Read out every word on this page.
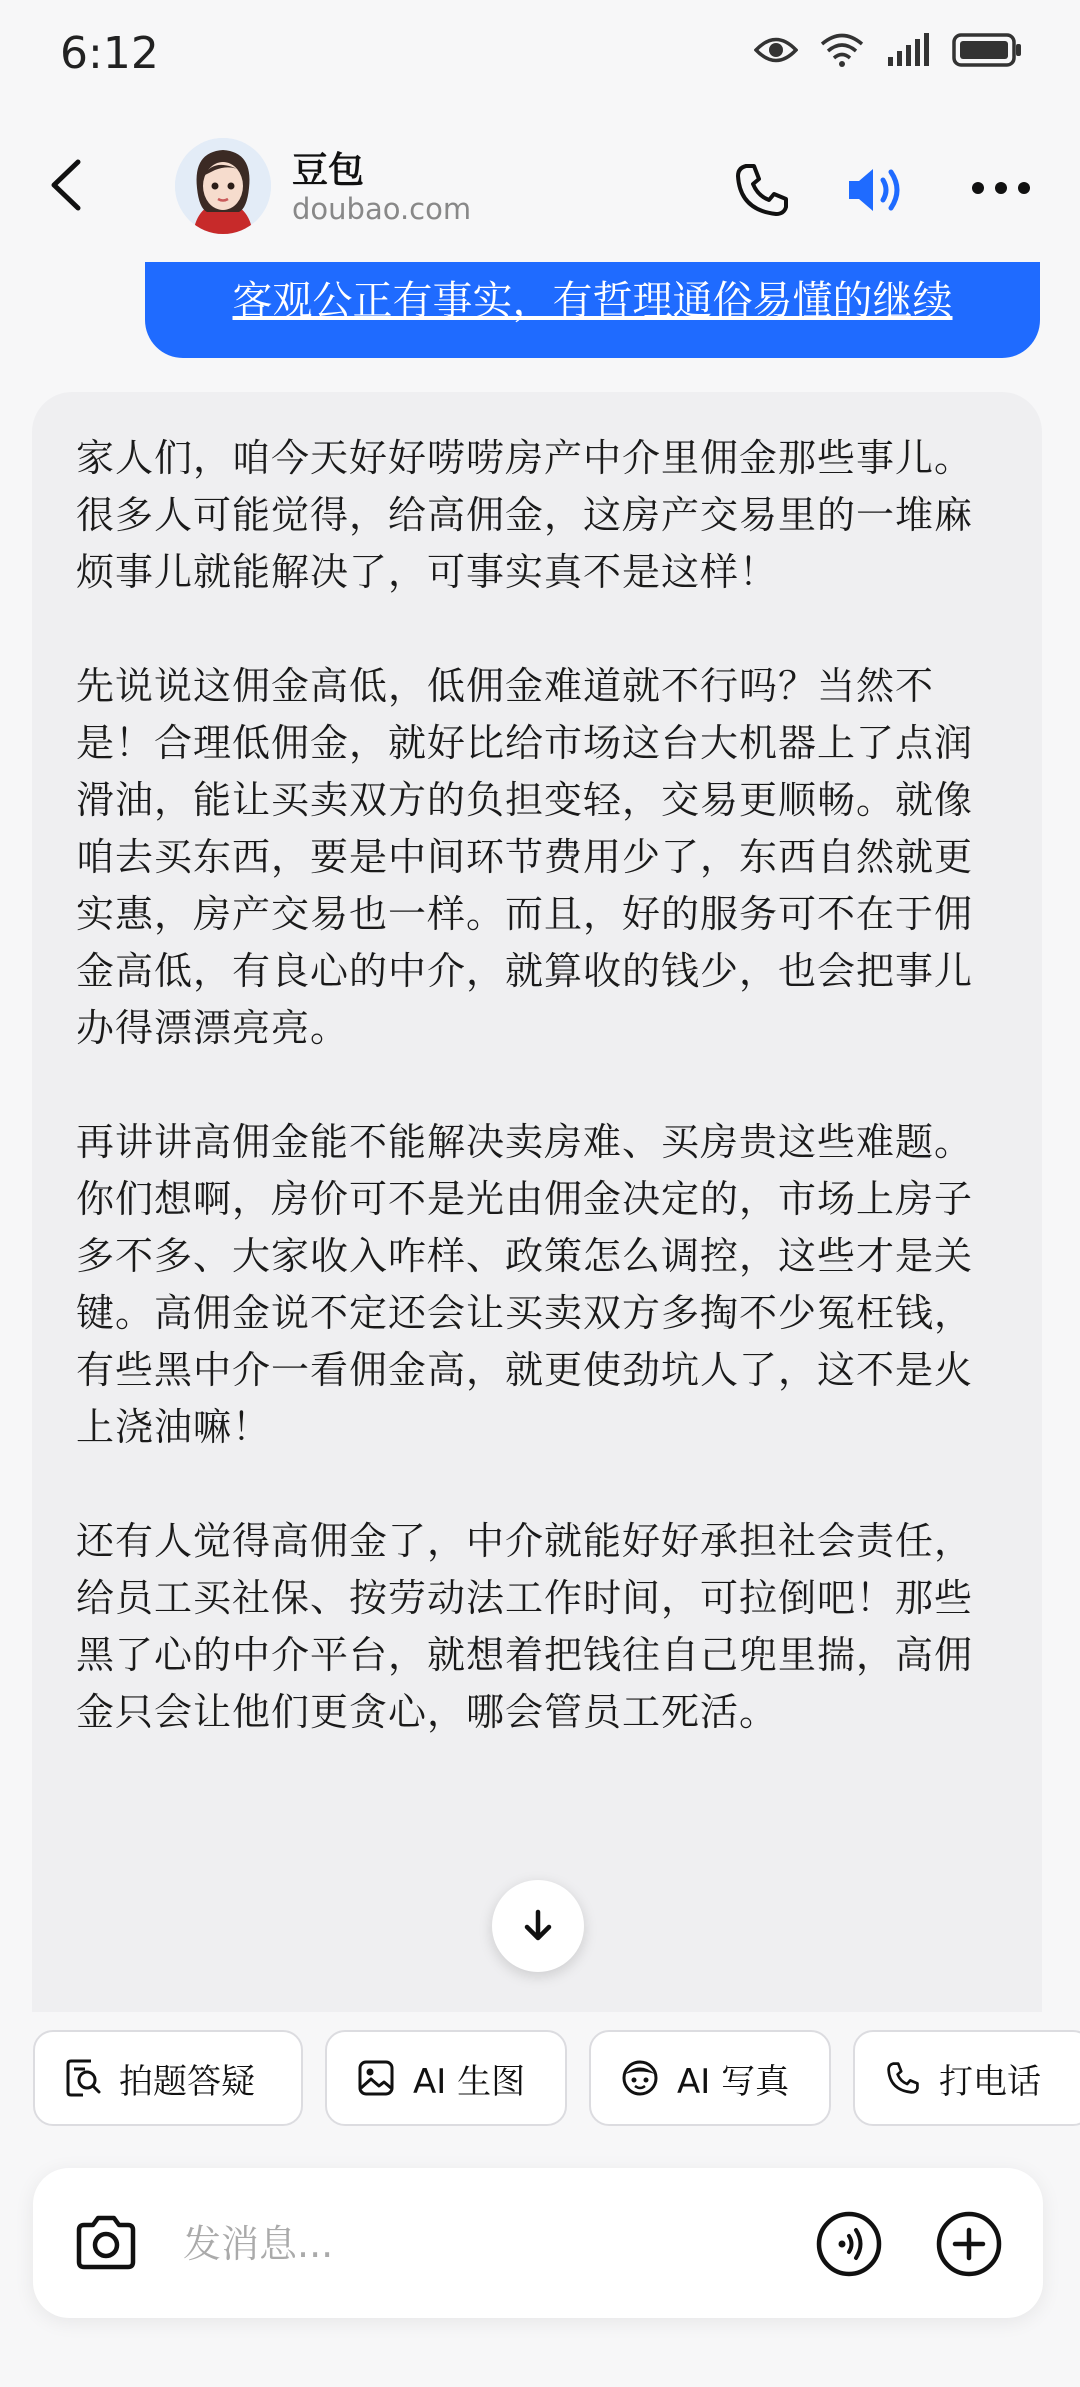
6:12
豆包
doubao.com
客观公正有事实，有哲理通俗易懂的继续

家人们，咱今天好好唠唠房产中介里佣金那些事儿。很多人可能觉得，给高佣金，这房产交易里的一堆麻烦事儿就能解决了，可事实真不是这样！

先说说这佣金高低，低佣金难道就不行吗？当然不是！合理低佣金，就好比给市场这台大机器上了点润滑油，能让买卖双方的负担变轻，交易更顺畅。就像咱去买东西，要是中间环节费用少了，东西自然就更实惠，房产交易也一样。而且，好的服务可不在于佣金高低，有良心的中介，就算收的钱少，也会把事儿办得漂漂亮亮。

再讲讲高佣金能不能解决卖房难、买房贵这些难题。你们想啊，房价可不是光由佣金决定的，市场上房子多不多、大家收入咋样、政策怎么调控，这些才是关键。高佣金说不定还会让买卖双方多掏不少冤枉钱，有些黑中介一看佣金高，就更使劲坑人了，这不是火上浇油嘛！

还有人觉得高佣金了，中介就能好好承担社会责任，给员工买社保、按劳动法工作时间，可拉倒吧！那些黑了心的中介平台，就想着把钱往自己兜里揣，高佣金只会让他们更贪心，哪会管员工死活。

拍题答疑	AI 生图	AI 写真	打电话
发消息...
